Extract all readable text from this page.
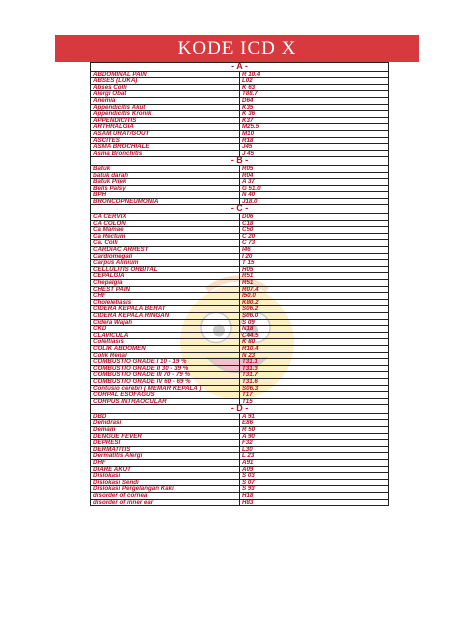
KODE ICD X
- A -	
ABDOMINAL PAIN	R 10.4
ABSES (LUKA)	L02
Abses Colli	K 63
Alergi Obat	T88.7
Anemia	D64
Appendicitis Akut	K35
Appendicitis Kronik	K 36
APPENDICITIS	K37
ARTHRALGIA	M25.5
ASAM URAT/GOUT	M10
ASCITES	R18
ASMA BROCHIALE	J45
Asma Bronchitis	J 45
- B -	
Batuk	R05
batuk darah	R04
Batuk Pilek	A 37
Bells Palsy	G 51.0
BPH	N 40
BRONCOPNEUMONIA	J18.0
- C -	
CA CERVIX	D06
CA COLON	C18
Ca Mamae	C50
Ca Rectum	C 20
Ca. Colli	C 73
CARDIAC ARREST	I46
Cardiomegali	I 20
Carpus Alinium	T 15
CELLULITIS ORBITAL	H05
CEPALGIA	R51
Chepalgia	R51
CHEST PAIN	R07.4
CHF	I50.0
Choleletiasis	K80.2
CIDERA KEPALA BERAT	S06.2
CIDERA KEPALA RINGAN	S06.0
Cidera Wajah	S 09
CKD	N18
CLAVICULA	C44.5
Coleltiasis	K 80
COLIK ABDOMEN	R10.4
Colik Renal	N 23
COMBUSTIO GRADE I 10 - 19 %	T31.1
COMBUSTIO GRADE II 30 - 39 %	T31.3
COMBUSTIO GRADE III 70 - 79 %	T31.7
COMBUSTIO GRADE IV 60 - 69 %	T31.6
Contusio cerebri ( MEMAR KEPALA )	S06.3
CORPAL ESOFAGUS	T17
CORPUS INTRAOCULAR	T15
- D -	
DBD	A 91
Dehidrasi	E86
Demam	R 50
DENGUE FEVER	A 90
DEPRESI	F32
DERMATITIS	L30
Dermatitis Alergi	L 23
DHF	A91
DIARE AKUT	A09
Dislokasi	S 03
Dislokasi Sendi	S 07
Dislokasi Pergelangan Kaki	S 93
disorder of cornea	H18
disorder of inner ear	H83
